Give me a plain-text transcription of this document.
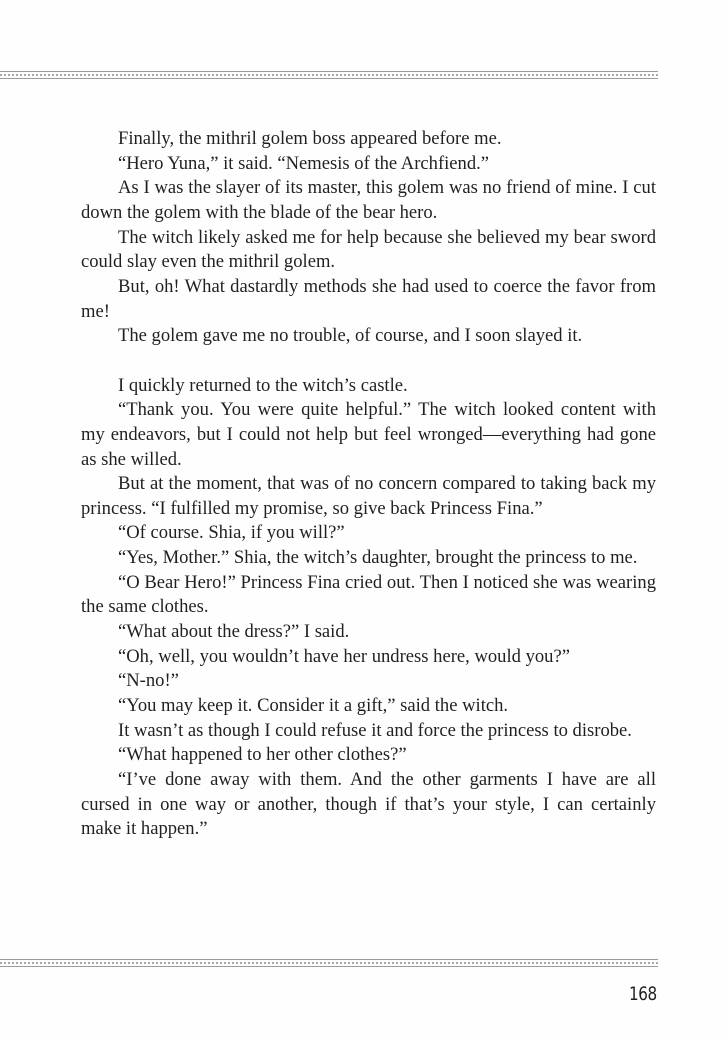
Finally, the mithril golem boss appeared before me.

“Hero Yuna,” it said. “Nemesis of the Archfiend.”

As I was the slayer of its master, this golem was no friend of mine. I cut down the golem with the blade of the bear hero.

The witch likely asked me for help because she believed my bear sword could slay even the mithril golem.

But, oh! What dastardly methods she had used to coerce the favor from me!

The golem gave me no trouble, of course, and I soon slayed it.

I quickly returned to the witch’s castle.

“Thank you. You were quite helpful.” The witch looked content with my endeavors, but I could not help but feel wronged—everything had gone as she willed.

But at the moment, that was of no concern compared to taking back my princess. “I fulfilled my promise, so give back Princess Fina.”

“Of course. Shia, if you will?”

“Yes, Mother.” Shia, the witch’s daughter, brought the princess to me.

“O Bear Hero!” Princess Fina cried out. Then I noticed she was wearing the same clothes.

“What about the dress?” I said.

“Oh, well, you wouldn’t have her undress here, would you?”

“N-no!”

“You may keep it. Consider it a gift,” said the witch.

It wasn’t as though I could refuse it and force the princess to disrobe.

“What happened to her other clothes?”

“I’ve done away with them. And the other garments I have are all cursed in one way or another, though if that’s your style, I can certainly make it happen.”

168
